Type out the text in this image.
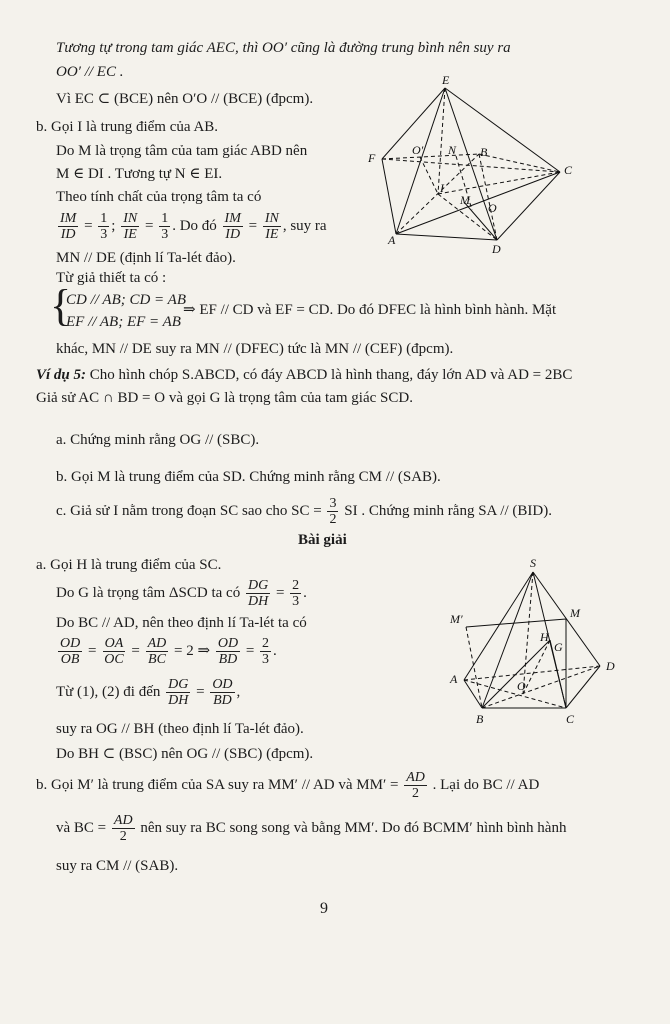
Tương tự trong tam giác AEC, thì OO′ cũng là đường trung bình nên suy ra
OO′ // EC .
Vì EC ⊂ (BCE) nên O′O // (BCE) (đpcm).
b. Gọi I là trung điểm của AB.
Do M là trọng tâm của tam giác ABD nên
M ∈ DI . Tương tự N ∈ EI.
Theo tính chất của trọng tâm ta có
$\frac{IM}{ID} = \frac{1}{3}$ ; $\frac{IN}{IE} = \frac{1}{3}$ . Do đó $\frac{IM}{ID} = \frac{IN}{IE}$ , suy ra
MN // DE (định lí Ta-lét đảo).
Từ giả thiết ta có :
{
CD // AB; CD = AB
EF // AB; EF = AB
⇒ EF // CD và EF = CD. Do đó DFEC là hình bình hành. Mặt
khác, MN // DE suy ra MN // (DFEC) tức là MN // (CEF) (đpcm).
Ví dụ 5: Cho hình chóp S.ABCD, có đáy ABCD là hình thang, đáy lớn AD và AD = 2BC
Giả sử AC ∩ BD = O và gọi G là trọng tâm của tam giác SCD.
a. Chứng minh rằng OG // (SBC).
b. Gọi M là trung điểm của SD. Chứng minh rằng CM // (SAB).
c. Giả sử I nằm trong đoạn SC sao cho SC = $\frac{3}{2}$ SI . Chứng minh rằng SA // (BID).
Bài giải
a. Gọi H là trung điểm của SC.
Do G là trọng tâm ΔSCD ta có $\frac{DG}{DH} = \frac{2}{3}$ .
Do BC // AD, nên theo định lí Ta-lét ta có
$\frac{OD}{OB} = \frac{OA}{OC} = \frac{AD}{BC} = 2$ ⇒ $\frac{OD}{BD} = \frac{2}{3}$ .
Từ (1), (2) đi đến $\frac{DG}{DH} = \frac{OD}{BD}$ ,
suy ra OG // BH (theo định lí Ta-lét đảo).
Do BH ⊂ (BSC) nên OG // (SBC) (đpcm).
b. Gọi M′ là trung điểm của SA suy ra MM′ // AD và $MM' = \frac{AD}{2}$ . Lại do BC // AD
và BC = $\frac{AD}{2}$ nên suy ra BC song song và bằng MM′. Do đó BCMM′ hình bình hành
suy ra CM // (SAB).
9
E
O′ N B
C
F
I
M
O
A
D
S
M′	M
H
G
A	O
D
B	C
